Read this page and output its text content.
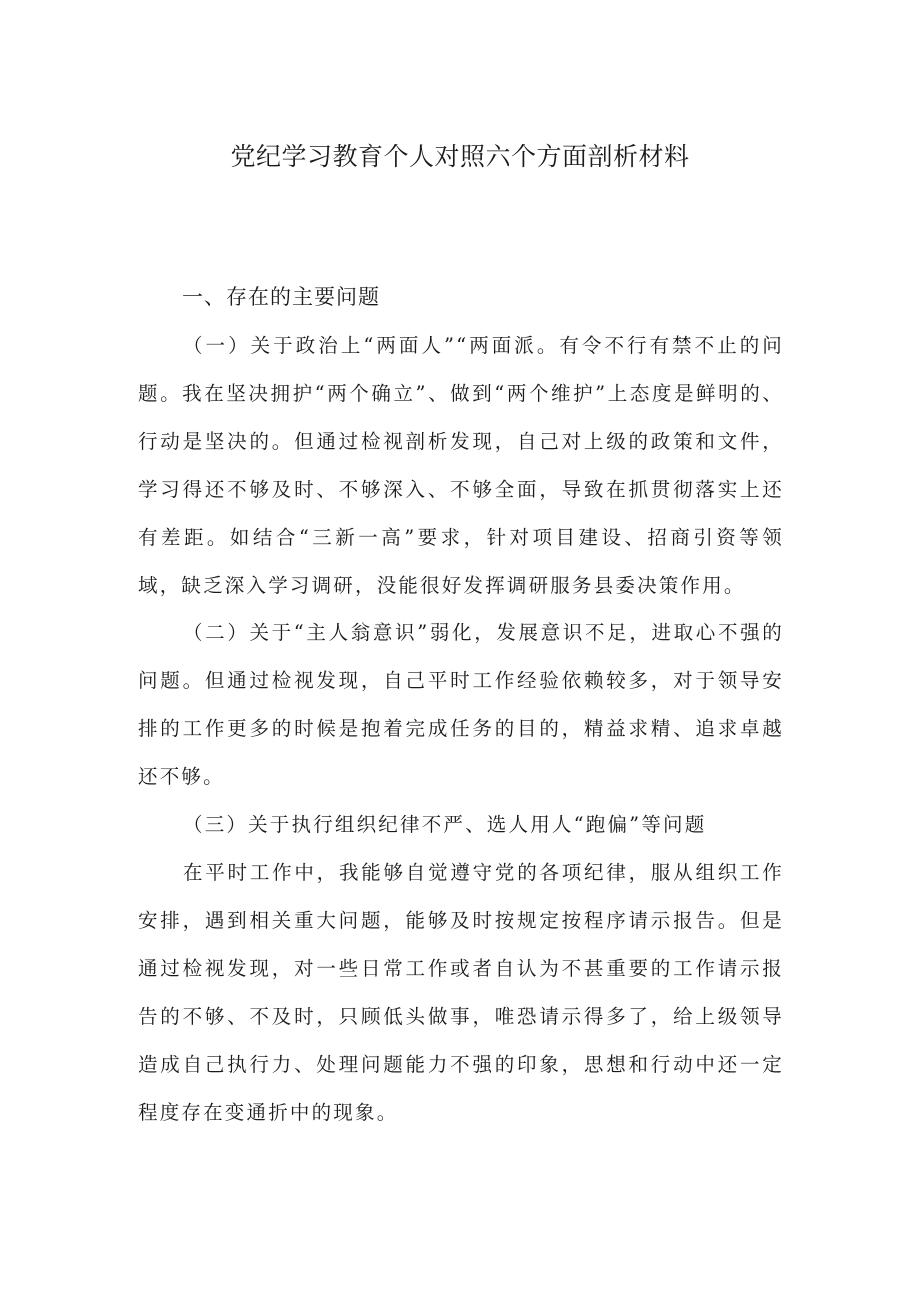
党纪学习教育个人对照六个方面剖析材料
一、存在的主要问题

（一）关于政治上“两面人”“两面派。有令不行有禁不止的问题。我在坚决拥护“两个确立”、做到“两个维护”上态度是鲜明的、行动是坚决的。但通过检视剖析发现，自己对上级的政策和文件，学习得还不够及时、不够深入、不够全面，导致在抓贯彻落实上还有差距。如结合“三新一高”要求，针对项目建设、招商引资等领域，缺乏深入学习调研，没能很好发挥调研服务县委决策作用。

（二）关于“主人翁意识”弱化，发展意识不足，进取心不强的问题。但通过检视发现，自己平时工作经验依赖较多，对于领导安排的工作更多的时候是抱着完成任务的目的，精益求精、追求卓越还不够。

（三）关于执行组织纪律不严、选人用人“跑偏”等问题

在平时工作中，我能够自觉遵守党的各项纪律，服从组织工作安排，遇到相关重大问题，能够及时按规定按程序请示报告。但是通过检视发现，对一些日常工作或者自认为不甚重要的工作请示报告的不够、不及时，只顾低头做事，唯恐请示得多了，给上级领导造成自己执行力、处理问题能力不强的印象，思想和行动中还一定程度存在变通折中的现象。
